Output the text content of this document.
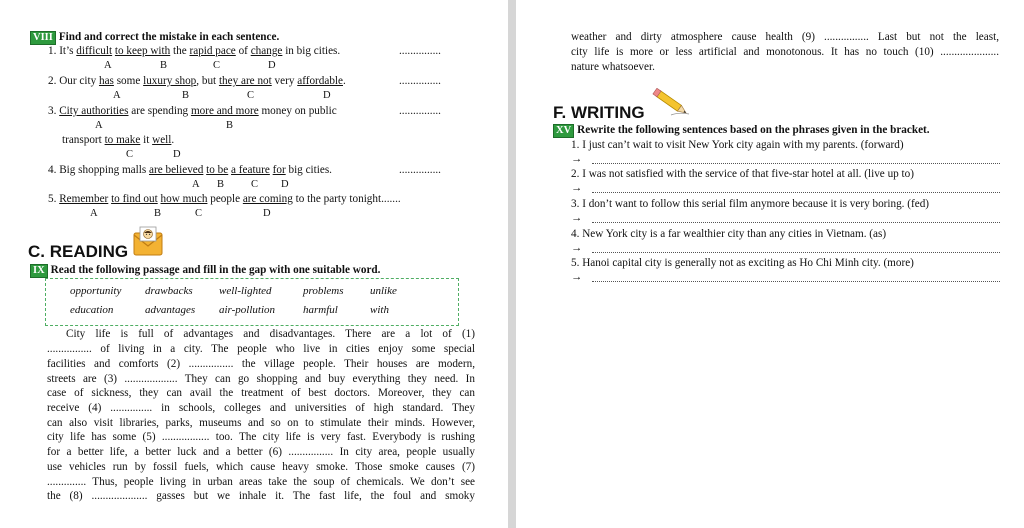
VIII Find and correct the mistake in each sentence.
1. It’s difficult to keep with the rapid pace of change in big cities.	...............
A	B	C	D
2. Our city has some luxury shop, but they are not very affordable.	...............
A	B	C	D
3. City authorities are spending more and more money on public	...............
A	B
transport to make it well.
C	D
4. Big shopping malls are believed to be a feature for big cities.	...............
A B	C D
5. Remember to find out how much people are coming to the party tonight.......
A	B	C	D
C. READING
IX Read the following passage and fill in the gap with one suitable word.
opportunity drawbacks well-lighted	problems unlike
education	advantages air-pollution	harmful	with
City life is full of advantages and disadvantages. There are a lot of (1)
................ of living in a city. The people who live in cities enjoy some special
facilities and comforts (2) ................ the village people. Their houses are modern,
streets are (3) ................... They can go shopping and buy everything they need. In
case of sickness, they can avail the treatment of best doctors. Moreover, they can
receive (4) ............... in schools, colleges and universities of high standard. They
can also visit libraries, parks, museums and so on to stimulate their minds. However,
city life has some (5) ................. too. The city life is very fast. Everybody is rushing
for a better life, a better luck and a better (6) ................ In city area, people usually
use vehicles run by fossil fuels, which cause heavy smoke. Those smoke causes (7)
.............. Thus, people living in urban areas take the soup of chemicals. We don’t see
the (8) .................... gasses but we inhale it. The fast life, the foul and smoky
weather and dirty atmosphere cause health (9) ................ Last but not the least,
city life is more or less artificial and monotonous. It has no touch (10) .....................
nature whatsoever.
F. WRITING
XV Rewrite the following sentences based on the phrases given in the bracket.
1. I just can’t wait to visit New York city again with my parents. (forward)
→
2. I was not satisfied with the service of that five-star hotel at all. (live up to)
→
3. I don’t want to follow this serial film anymore because it is very boring. (fed)
→
4. New York city is a far wealthier city than any cities in Vietnam. (as)
→
5. Hanoi capital city is generally not as exciting as Ho Chi Minh city. (more)
→
